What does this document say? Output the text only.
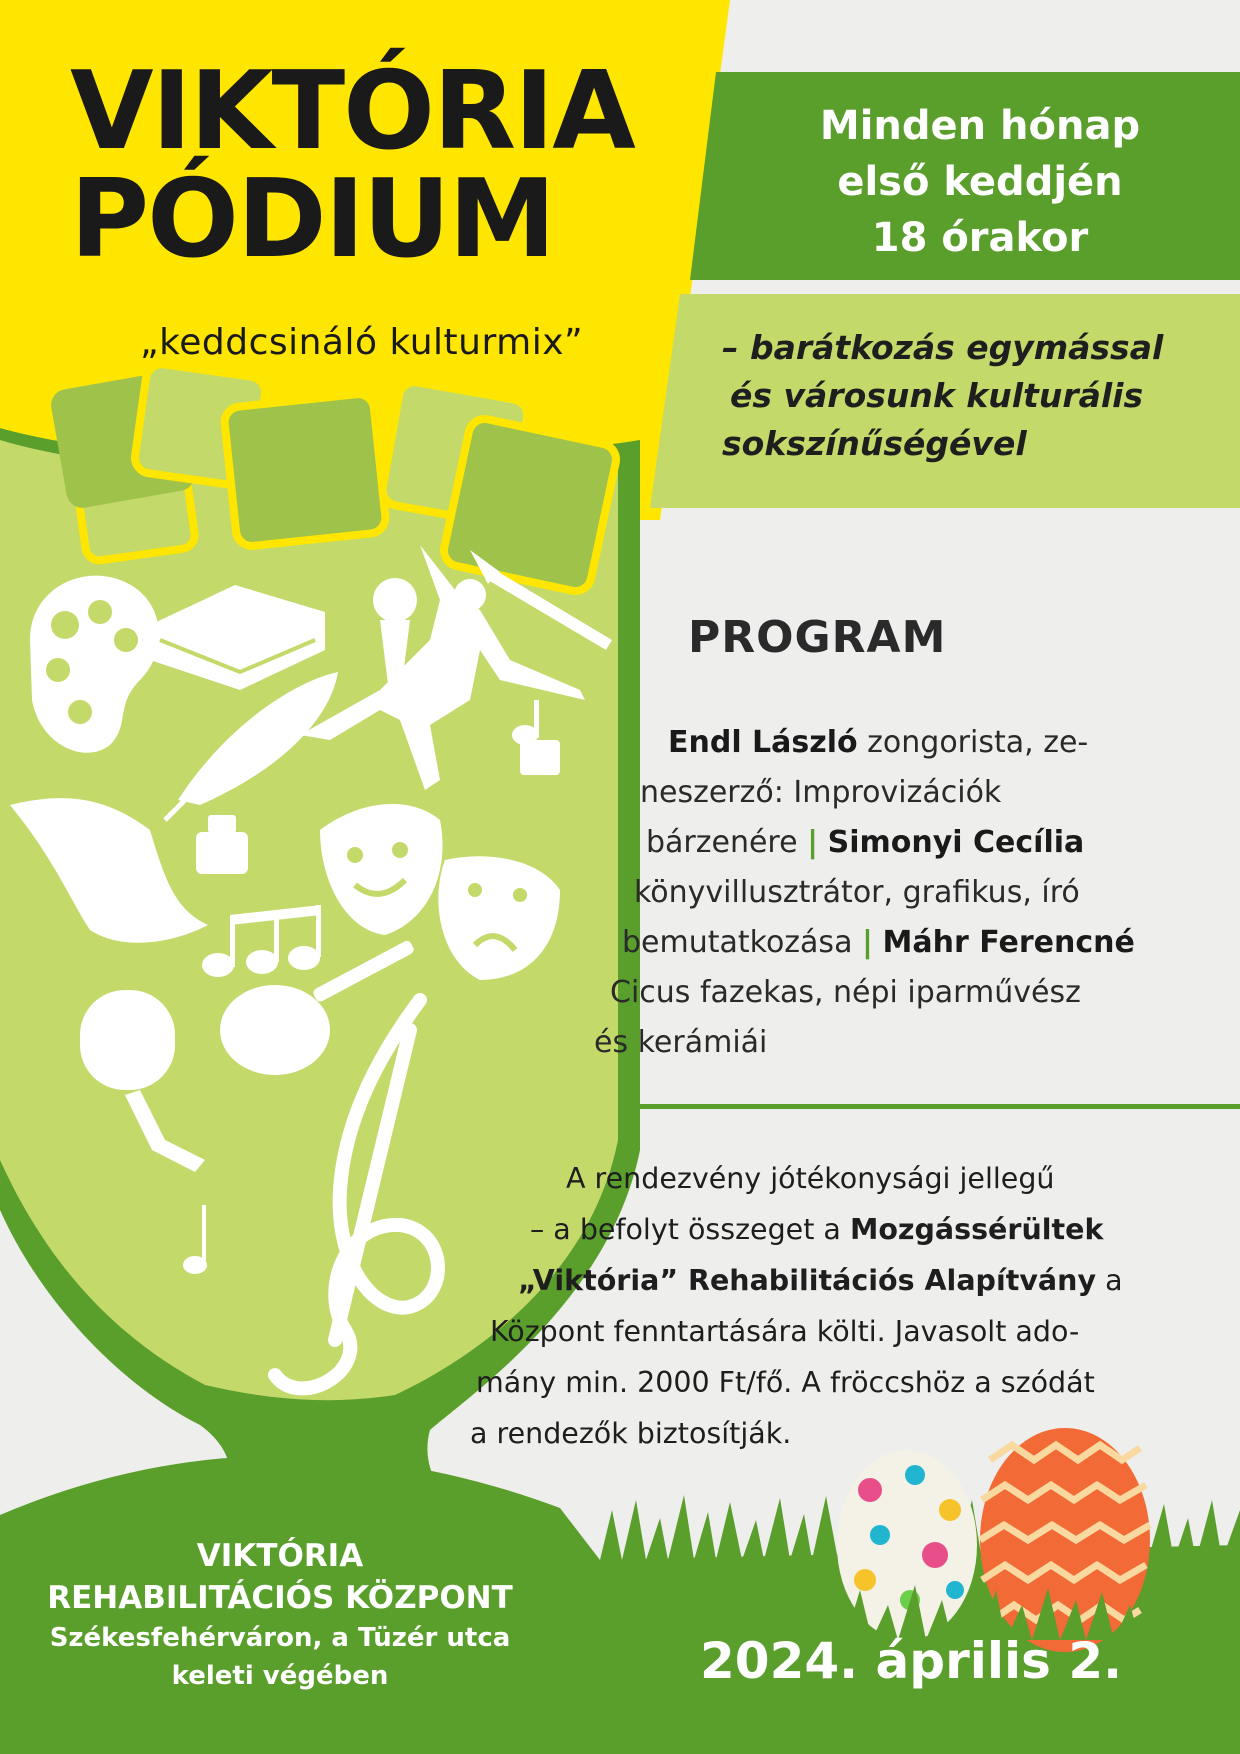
VIKTÓRIA
PÓDIUM

„keddcsináló kulturmix”

Minden hónap
első keddjén
18 órakor

– barátkozás egymással
és városunk kulturális
sokszínűségével

PROGRAM
Endl László zongorista, ze-
neszerző: Improvizációk
bárzenére | Simonyi Cecília
könyvillusztrátor, grafikus, író
bemutatkozása | Máhr Ferencné
Cicus fazekas, népi iparművész
és kerámiái
A rendezvény jótékonysági jellegű
– a befolyt összeget a Mozgássérültek
„Viktória” Rehabilitációs Alapítvány a
Központ fenntartására költi. Javasolt ado-
mány min. 2000 Ft/fő. A fröccshöz a szódát
a rendezők biztosítják.
VIKTÓRIA
REHABILITÁCIÓS KÖZPONT
Székesfehérváron, a Tüzér utca
keleti végében	2024. április 2.
